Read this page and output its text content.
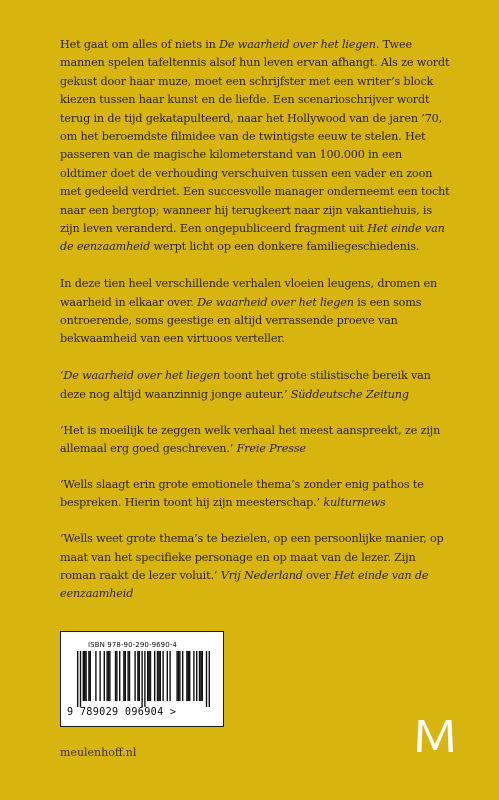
Het gaat om alles of niets in De waarheid over het liegen. Twee mannen spelen tafeltennis alsof hun leven ervan afhangt. Als ze wordt gekust door haar muze, moet een schrijfster met een writer’s block kiezen tussen haar kunst en de liefde. Een scenarioschrijver wordt terug in de tijd gekatapulteerd, naar het Hollywood van de jaren ’70, om het beroemdste filmidee van de twintigste eeuw te stelen. Het passeren van de magische kilometerstand van 100.000 in een oldtimer doet de verhouding verschuiven tussen een vader en zoon met gedeeld verdriet. Een succesvolle manager onderneemt een tocht naar een bergtop; wanneer hij terugkeert naar zijn vakantiehuis, is zijn leven veranderd. Een ongepubliceerd fragment uit Het einde van de eenzaamheid werpt licht op een donkere familiegeschiedenis.

In deze tien heel verschillende verhalen vloeien leugens, dromen en waarheid in elkaar over. De waarheid over het liegen is een soms ontroerende, soms geestige en altijd verrassende proeve van bekwaamheid van een virtuoos verteller.

‘De waarheid over het liegen toont het grote stilistische bereik van deze nog altijd waanzinnig jonge auteur.’ Süddeutsche Zeitung

‘Het is moeilijk te zeggen welk verhaal het meest aanspreekt, ze zijn allemaal erg goed geschreven.’ Freie Presse

‘Wells slaagt erin grote emotionele thema’s zonder enig pathos te bespreken. Hierin toont hij zijn meesterschap.’ kulturnews

‘Wells weet grote thema’s te bezielen, op een persoonlijke manier, op maat van het specifieke personage en op maat van de lezer. Zijn roman raakt de lezer voluit.’ Vrij Nederland over Het einde van de eenzaamheid

ISBN 978-90-290-9690-4
9 789029 096904 >
meulenhoff.nl
